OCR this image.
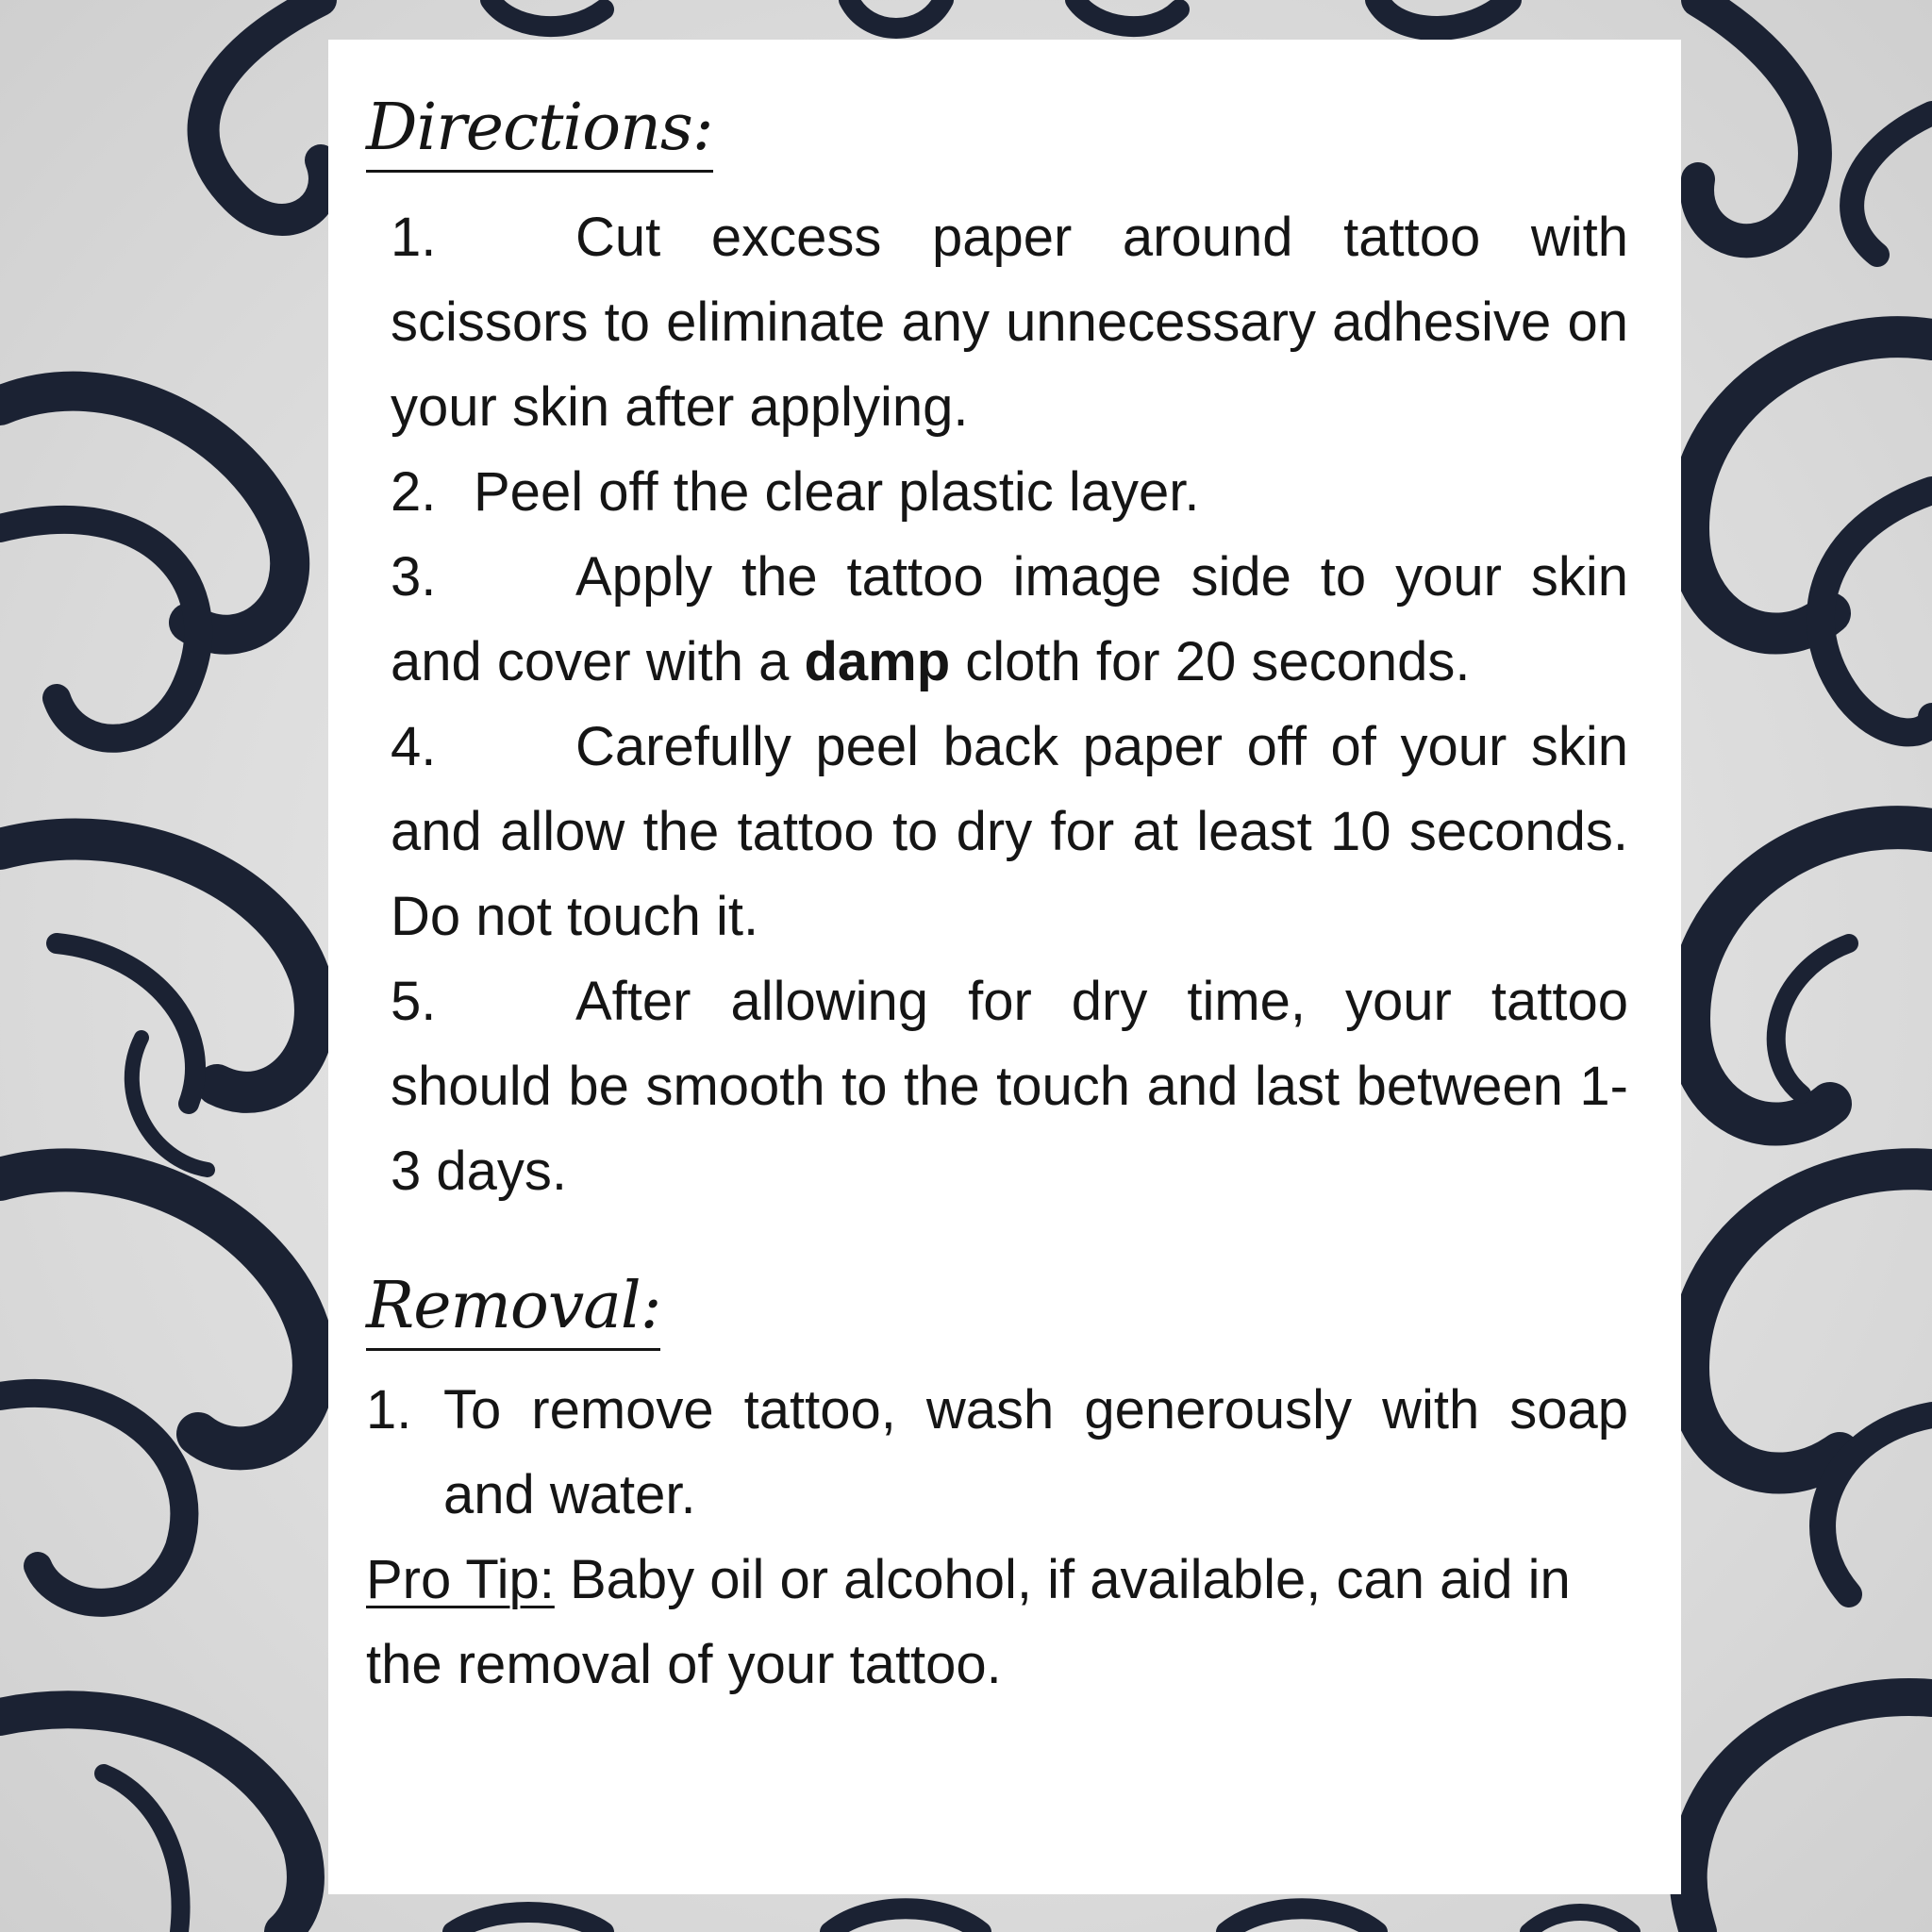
Directions:

1.	Cut excess paper around tattoo with scissors to eliminate any unnecessary adhesive on your skin after applying.

2. Peel off the clear plastic layer.

3.	Apply the tattoo image side to your skin and cover with a damp cloth for 20 seconds.

4.	Carefully peel back paper off of your skin and allow the tattoo to dry for at least 10 seconds. Do not touch it.

5.	After allowing for dry time, your tattoo should be smooth to the touch and last between 1-3 days.

Removal:

1. To remove tattoo, wash generously with soap and water.

Pro Tip: Baby oil or alcohol, if available, can aid in the removal of your tattoo.
